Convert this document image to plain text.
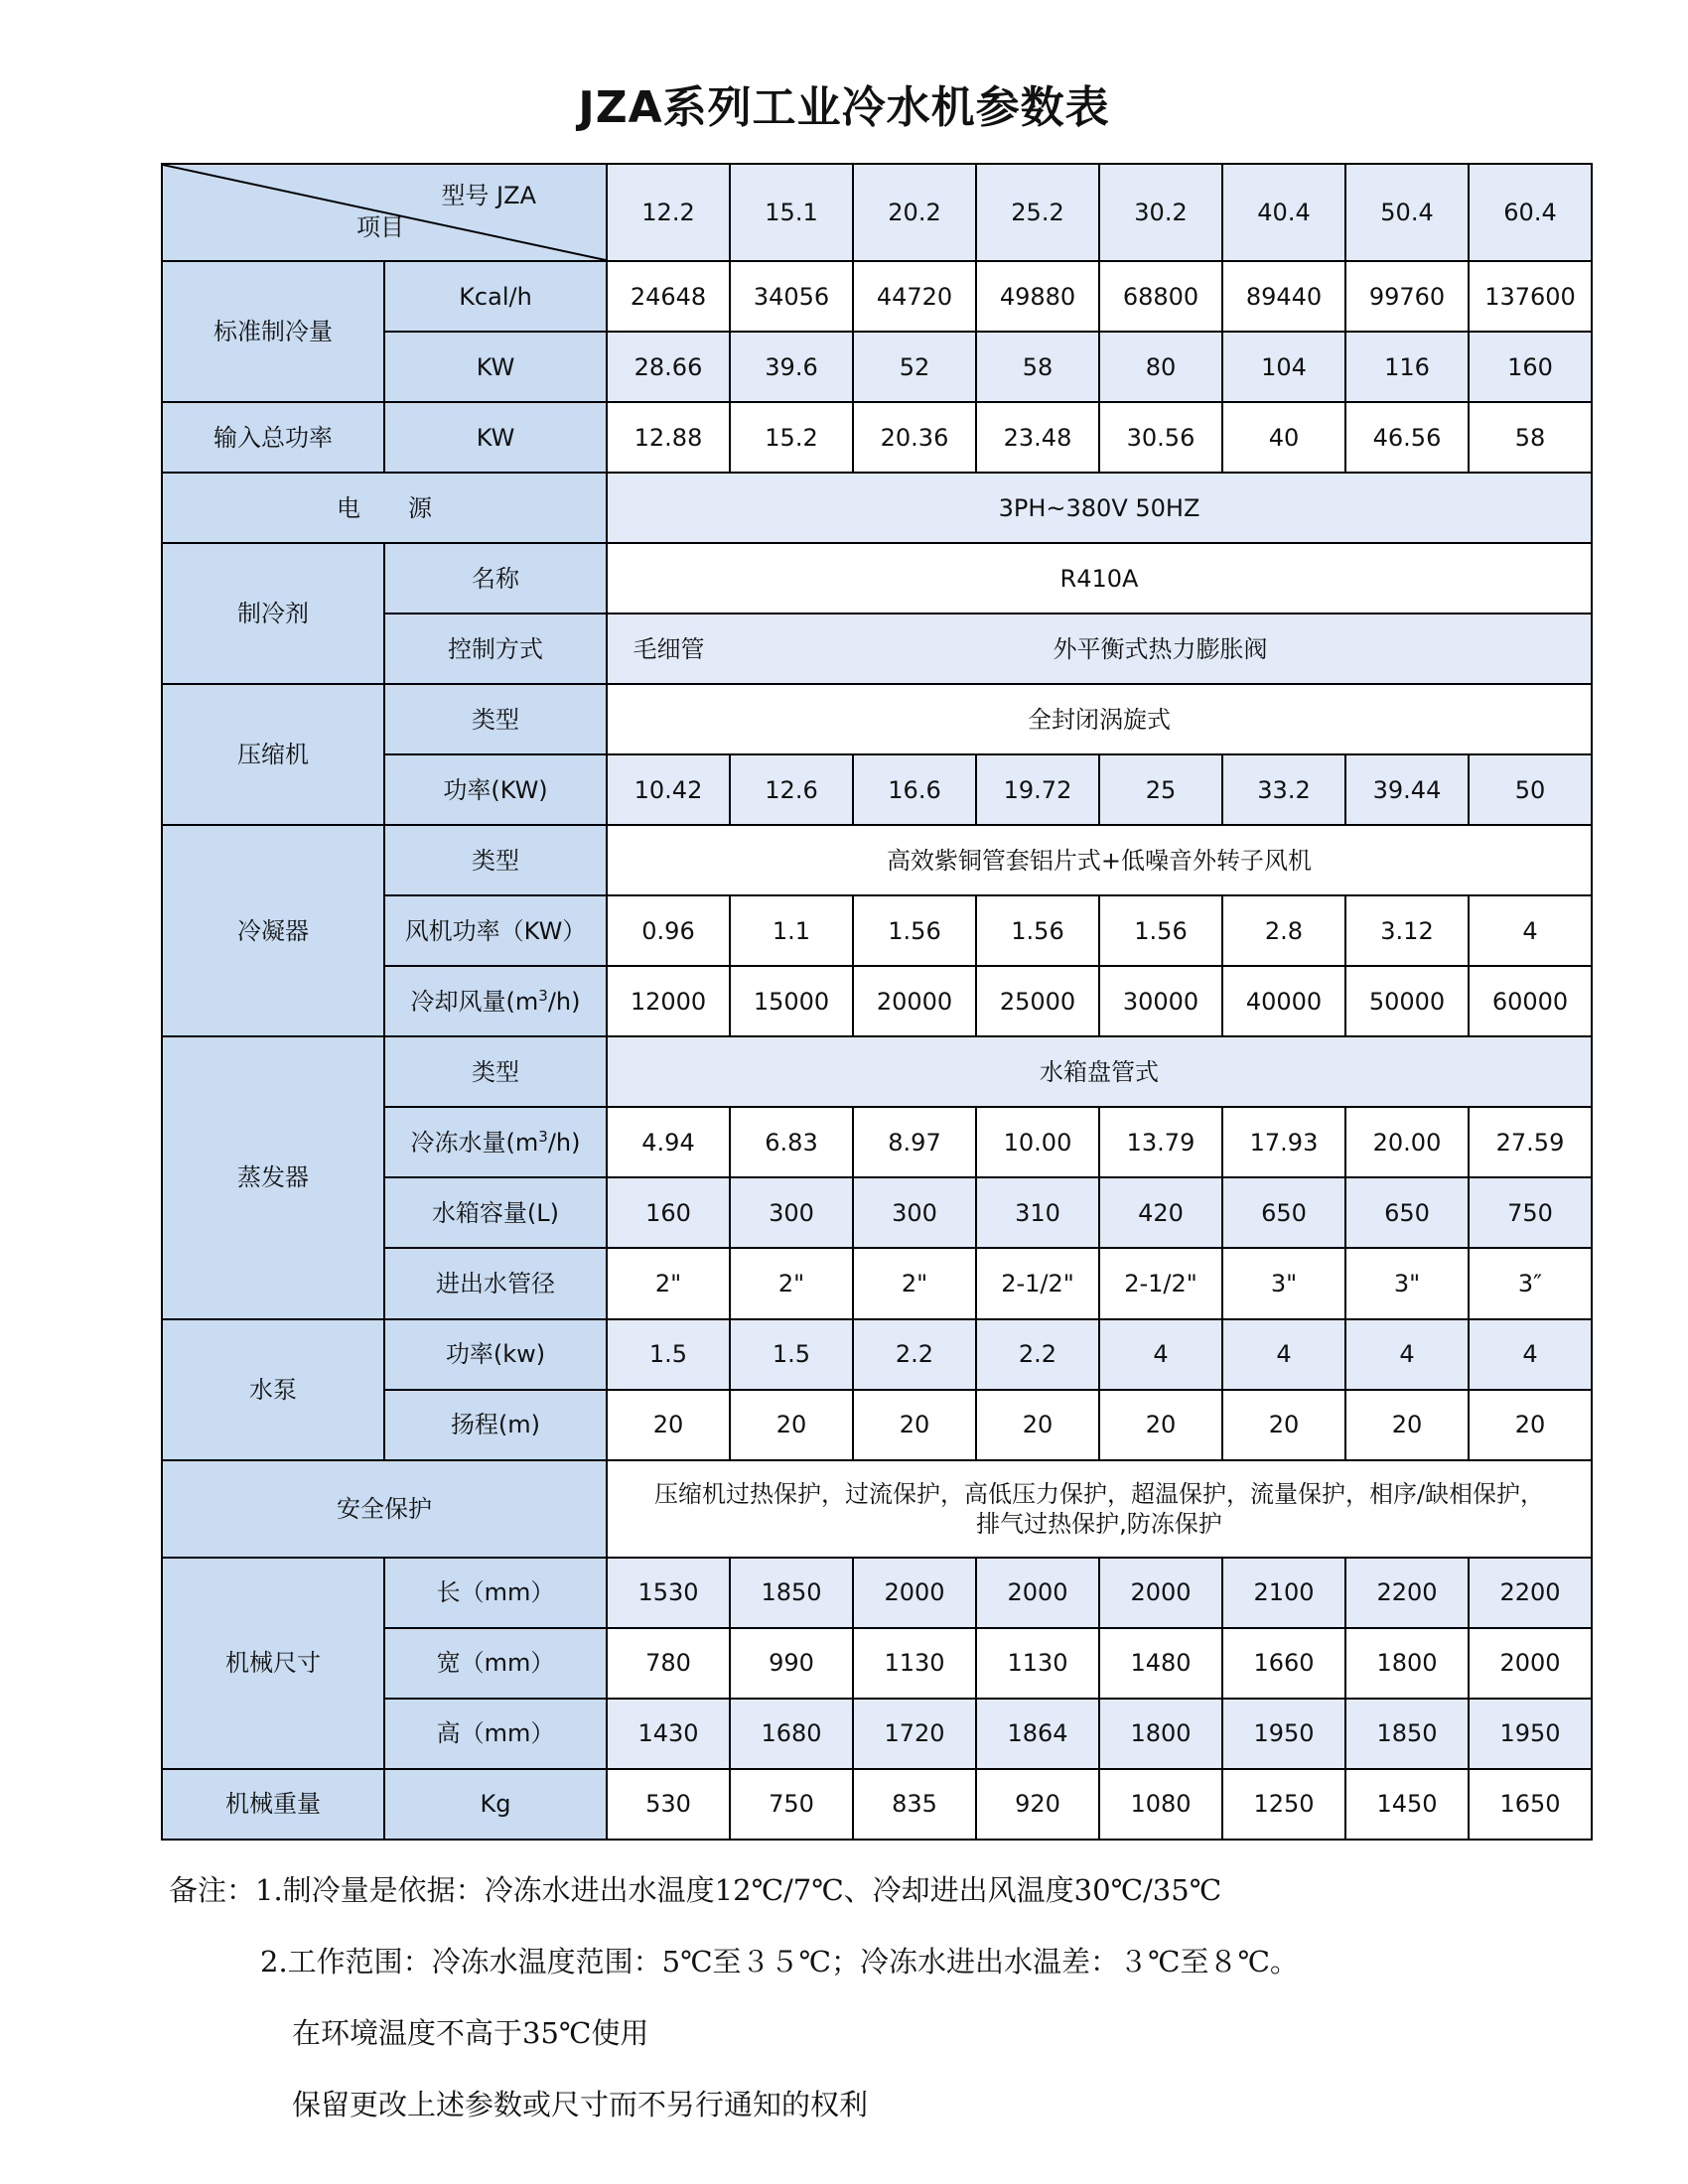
JZA系列工业冷水机参数表
型号 JZA
项目		12.2	15.1	20.2	25.2	30.2	40.4	50.4	60.4
标准制冷量	Kcal/h	24648	34056	44720	49880	68800	89440	99760	137600
	KW	28.66	39.6	52	58	80	104	116	160
输入总功率	KW	12.88	15.2	20.36	23.48	30.56	40	46.56	58
电　　源		3PH~380V 50HZ							
制冷剂	名称	R410A							
	控制方式	毛细管	外平衡式热力膨胀阀						
压缩机	类型	全封闭涡旋式							
	功率(KW)	10.42	12.6	16.6	19.72	25	33.2	39.44	50
冷凝器	类型	高效紫铜管套铝片式+低噪音外转子风机							
	风机功率（KW）	0.96	1.1	1.56	1.56	1.56	2.8	3.12	4
	冷却风量$(m^3/h)$	12000	15000	20000	25000	30000	40000	50000	60000
蒸发器	类型	水箱盘管式							
	冷冻水量$(m^3/h)$	4.94	6.83	8.97	10.00	13.79	17.93	20.00	27.59
	水箱容量(L)	160	300	300	310	420	650	650	750
	进出水管径	2"	2"	2"	2-1/2"	2-1/2"	3"	3"	3″
水泵	功率(kw)	1.5	1.5	2.2	2.2	4	4	4	4
	扬程(m)	20	20	20	20	20	20	20	20
安全保护		压缩机过热保护，过流保护，高低压力保护，超温保护，流量保护，相序/缺相保护，
排气过热保护,防冻保护							

机械尺寸	长（mm）	1530	1850	2000	2000	2000	2100	2200	2200
	宽（mm）	780	990	1130	1130	1480	1660	1800	2000
	高（mm）	1430	1680	1720	1864	1800	1950	1850	1950
机械重量	Kg	530	750	835	920	1080	1250	1450	1650
备注：1.制冷量是依据：冷冻水进出水温度12℃/7℃、冷却进出风温度30℃/35℃
2.工作范围：冷冻水温度范围：5℃至３５℃；冷冻水进出水温差：３℃至８℃。
在环境温度不高于35℃使用
保留更改上述参数或尺寸而不另行通知的权利
